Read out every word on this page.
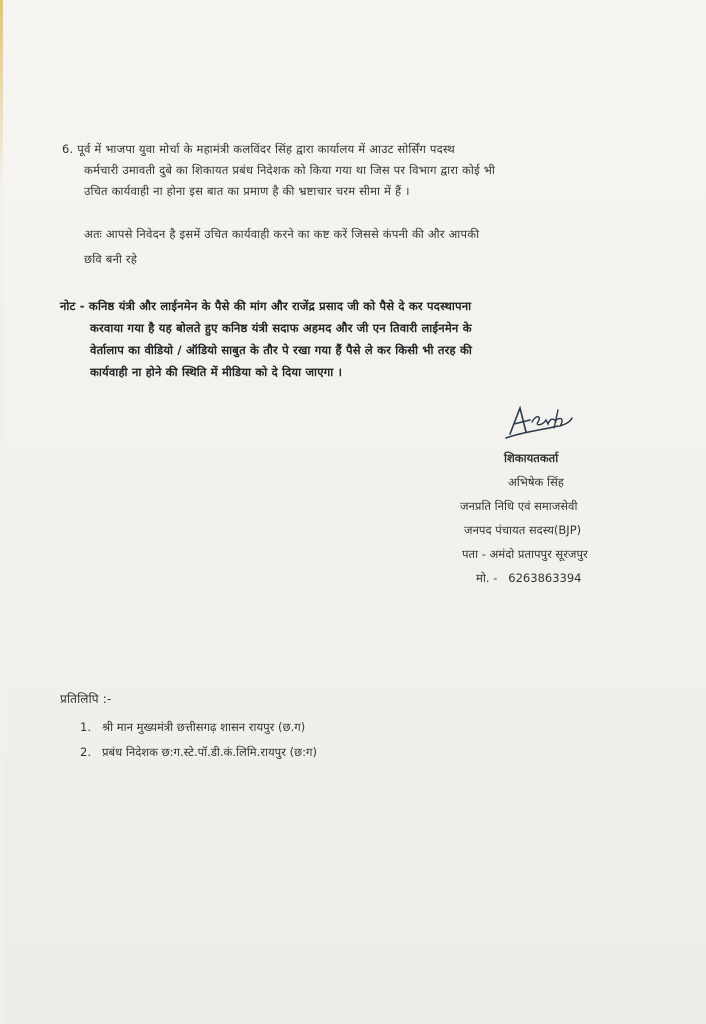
6. पूर्व में भाजपा युवा मोर्चा के महामंत्री कलविंदर सिंह द्वारा कार्यालय में आउट सोर्सिंग पदस्थ
कर्मचारी उमावती दुबे का शिकायत प्रबंध निदेशक को किया गया था जिस पर विभाग द्वारा कोई भी
उचित कार्यवाही ना होना इस बात का प्रमाण है की भ्रष्टाचार चरम सीमा में हैं ।
अतः आपसे निवेदन है इसमें उचित कार्यवाही करने का कष्ट करें जिससे कंपनी की और आपकी
छवि बनी रहे
नोट - कनिष्ठ यंत्री और लाईनमेन के पैसे की मांग और राजेंद्र प्रसाद जी को पैसे दे कर पदस्थापना
करवाया गया है यह बोलते हुए कनिष्ठ यंत्री सदाफ अहमद और जी एन तिवारी लाईनमेन के
वेर्तालाप का वीडियो / ऑडियो साबुत के तौर पे रखा गया हैं पैसे ले कर किसी भी तरह की
कार्यवाही ना होने की स्थिति में मीडिया को दे दिया जाएगा ।
शिकायतकर्ता
अभिषेक सिंह
जनप्रति निधि एवं समाजसेवी
जनपद पंचायत सदस्य(BJP)
पता - अमंदो प्रतापपुर सूरजपुर
मो. - 6263863394
प्रतिलिपि :-
1. श्री मान मुख्यमंत्री छत्तीसगढ़ शासन रायपुर (छ.ग)
2. प्रबंध निदेशक छ:ग.स्टे.पॉ.डी.कं.लिमि.रायपुर (छ:ग)
